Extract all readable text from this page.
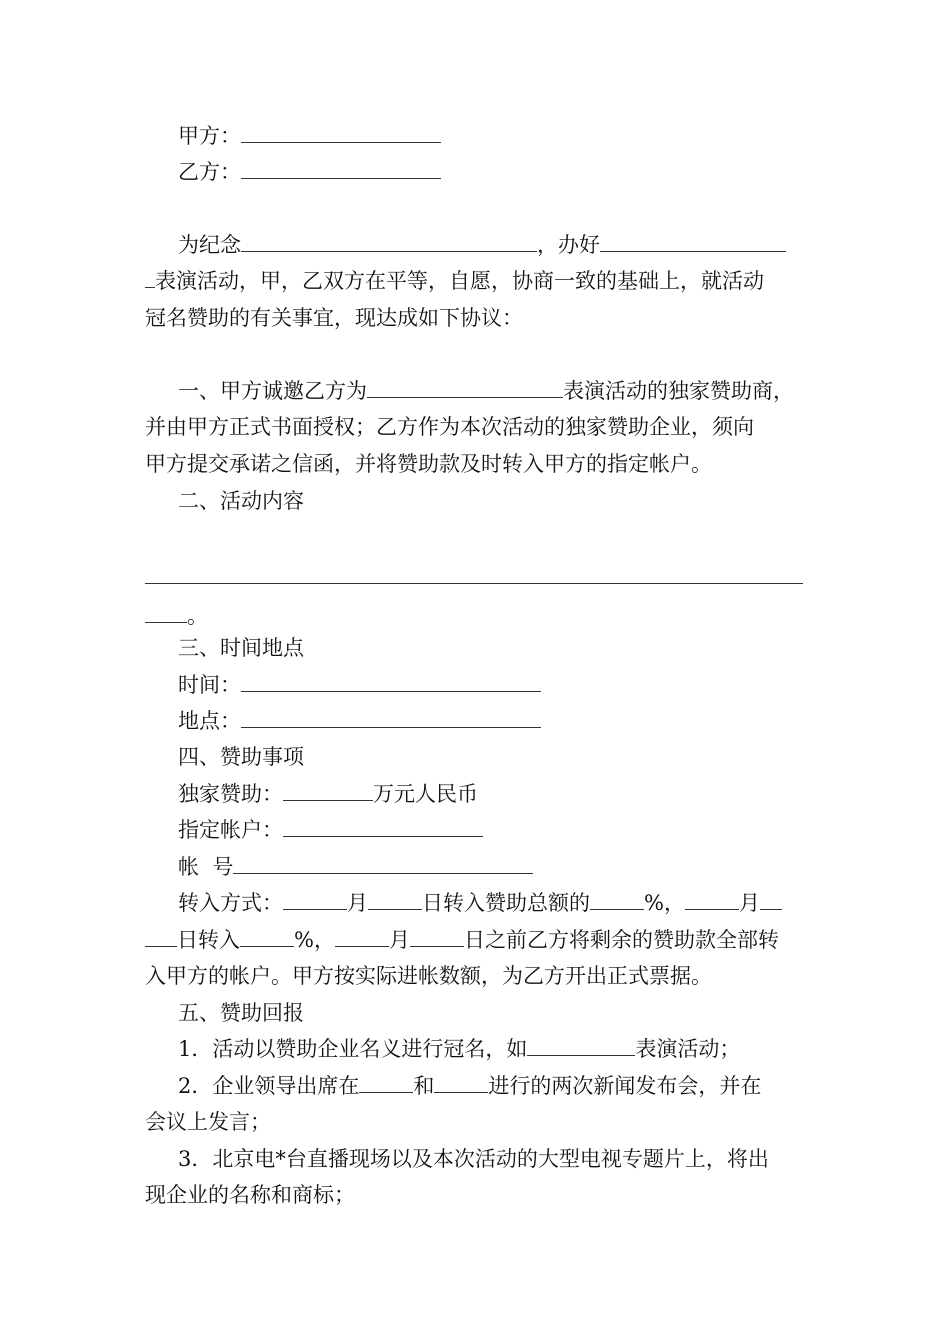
甲方：
乙方：
为纪念	，办好
表演活动，甲，乙双方在平等，自愿，协商一致的基础上，就活动
冠名赞助的有关事宜，现达成如下协议：
一、甲方诚邀乙方为	表演活动的独家赞助商，
并由甲方正式书面授权；乙方作为本次活动的独家赞助企业，须向
甲方提交承诺之信函，并将赞助款及时转入甲方的指定帐户。
二、活动内容
。
三、时间地点
时间：
地点：
四、赞助事项
独家赞助：	万元人民币
指定帐户：
帐  号
转入方式：	月	日转入赞助总额的	%，	月
日转入	%，	月	日之前乙方将剩余的赞助款全部转
入甲方的帐户。甲方按实际进帐数额，为乙方开出正式票据。
五、赞助回报
1．活动以赞助企业名义进行冠名，如	表演活动；
2．企业领导出席在	和	进行的两次新闻发布会，并在
会议上发言；
3．北京电*台直播现场以及本次活动的大型电视专题片上，将出
现企业的名称和商标；
